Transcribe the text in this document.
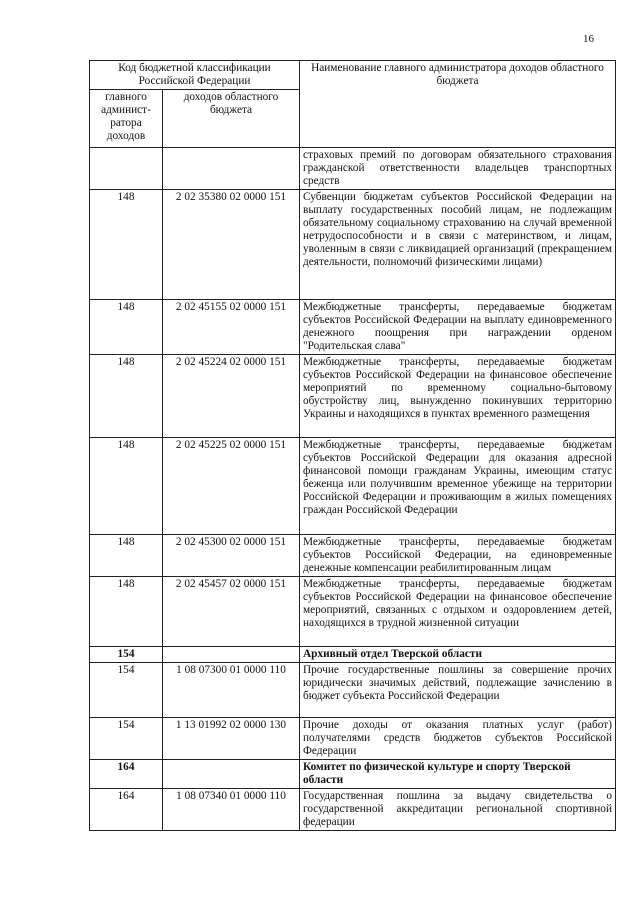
16
Код бюджетной классификации Российской Федерации		Наименование главного администратора доходов областного бюджета
главного админист-ратора доходов	доходов областного бюджета	
		страховых премий по договорам обязательного страхования гражданской ответственности владельцев транспортных средств
148	2 02 35380 02 0000 151	Субвенции бюджетам субъектов Российской Федерации на выплату государственных пособий лицам, не подлежащим обязательному социальному страхованию на случай временной нетрудоспособности и в связи с материнством, и лицам, уволенным в связи с ликвидацией организаций (прекращением деятельности, полномочий физическими лицами)
148	2 02 45155 02 0000 151	Межбюджетные трансферты, передаваемые бюджетам субъектов Российской Федерации на выплату единовременного денежного поощрения при награждении орденом "Родительская слава"
148	2 02 45224 02 0000 151	Межбюджетные трансферты, передаваемые бюджетам субъектов Российской Федерации на финансовое обеспечение мероприятий по временному социально-бытовому обустройству лиц, вынужденно покинувших территорию Украины и находящихся в пунктах временного размещения
148	2 02 45225 02 0000 151	Межбюджетные трансферты, передаваемые бюджетам субъектов Российской Федерации для оказания адресной финансовой помощи гражданам Украины, имеющим статус беженца или получившим временное убежище на территории Российской Федерации и проживающим в жилых помещениях граждан Российской Федерации
148	2 02 45300 02 0000 151	Межбюджетные трансферты, передаваемые бюджетам субъектов Российской Федерации, на единовременные денежные компенсации реабилитированным лицам
148	2 02 45457 02 0000 151	Межбюджетные трансферты, передаваемые бюджетам субъектов Российской Федерации на финансовое обеспечение мероприятий, связанных с отдыхом и оздоровлением детей, находящихся в трудной жизненной ситуации
154		Архивный отдел Тверской области
154	1 08 07300 01 0000 110	Прочие государственные пошлины за совершение прочих юридически значимых действий, подлежащие зачислению в бюджет субъекта Российской Федерации
154	1 13 01992 02 0000 130	Прочие доходы от оказания платных услуг (работ) получателями средств бюджетов субъектов Российской Федерации
164		Комитет по физической культуре и спорту Тверской области
164	1 08 07340 01 0000 110	Государственная пошлина за выдачу свидетельства о государственной аккредитации региональной спортивной федерации
